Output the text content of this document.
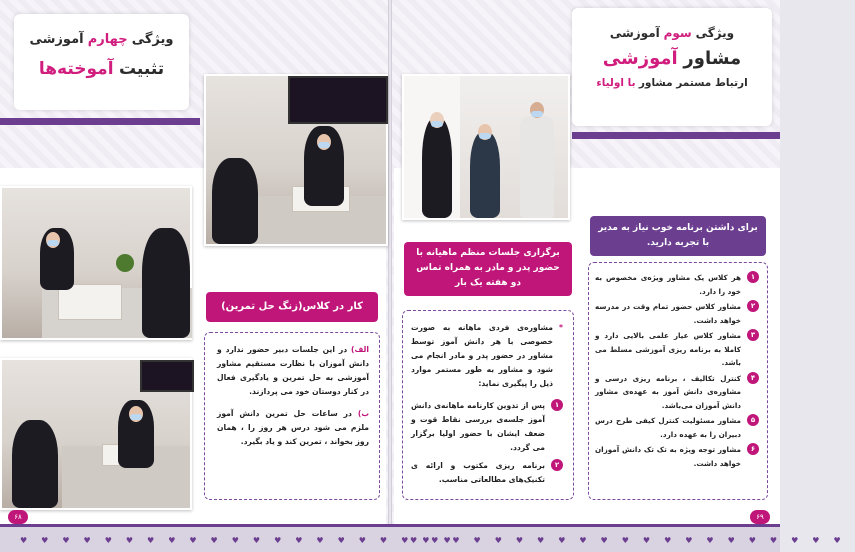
ویژگی چهارم آموزشی
تثبیت آموخته‌ها
کار در کلاس(زنگ حل تمرین)
الف) در این جلسات دبیر حضور ندارد و دانش آموزان با نظارت مستقیم مشاور آموزشی به حل تمرین و یادگیری فعال در کنار دوستان خود می پردازند.
ب) در ساعات حل تمرین دانش آموز ملزم می شود درس هر روز را ، همان روز بخواند ، تمرین کند و یاد بگیرد.
ویژگی سوم آموزشی
مشاور آموزشی
ارتباط مستمر مشاور با اولیاء
برگزاری جلسات منظم ماهیانه با حضور پدر و مادر به همراه تماس دو هفته یک بار
*
مشاوره‌ی فردی ماهانه به صورت خصوصی با هر دانش آموز توسط مشاور در حضور پدر و مادر انجام می شود و مشاور به طور مستمر موارد ذیل را پیگیری نماید:
۱
پس از تدوین کارنامه ماهانه‌ی دانش آموز جلسه‌ی بررسی نقاط قوت و ضعف ایشان با حضور اولیا برگزار می گردد.
۲
برنامه ریزی مکتوب و ارائه ی تکنیک‌های مطالعاتی مناسب.
برای داشتن برنامه خوب نیاز به مدیر با تجربه دارید.
۱
هر کلاس یک مشاور ویژه‌ی مخصوص به خود را دارد.
۲
مشاور کلاس حضور تمام وقت در مدرسه خواهد داشت.
۳
مشاور کلاس عیار علمی بالایی دارد و کاملا به برنامه ریزی آموزشی مسلط می باشد.
۴
کنترل تکالیف ، برنامه ریزی درسی و مشاوره‌ی دانش آموز به عهده‌ی مشاور دانش آموزان می‌باشد.
۵
مشاور مسئولیت کنترل کیفی طرح درس دبیران را به عهده دارد.
۶
مشاور توجه ویژه به تک تک دانش آموزان خواهد داشت.
♥♥♥♥♥♥♥♥♥♥♥♥♥♥♥♥♥♥♥♥♥
♥♥♥♥♥♥♥♥♥♥♥♥♥♥♥♥♥♥♥♥♥
۶۸	۶۹
